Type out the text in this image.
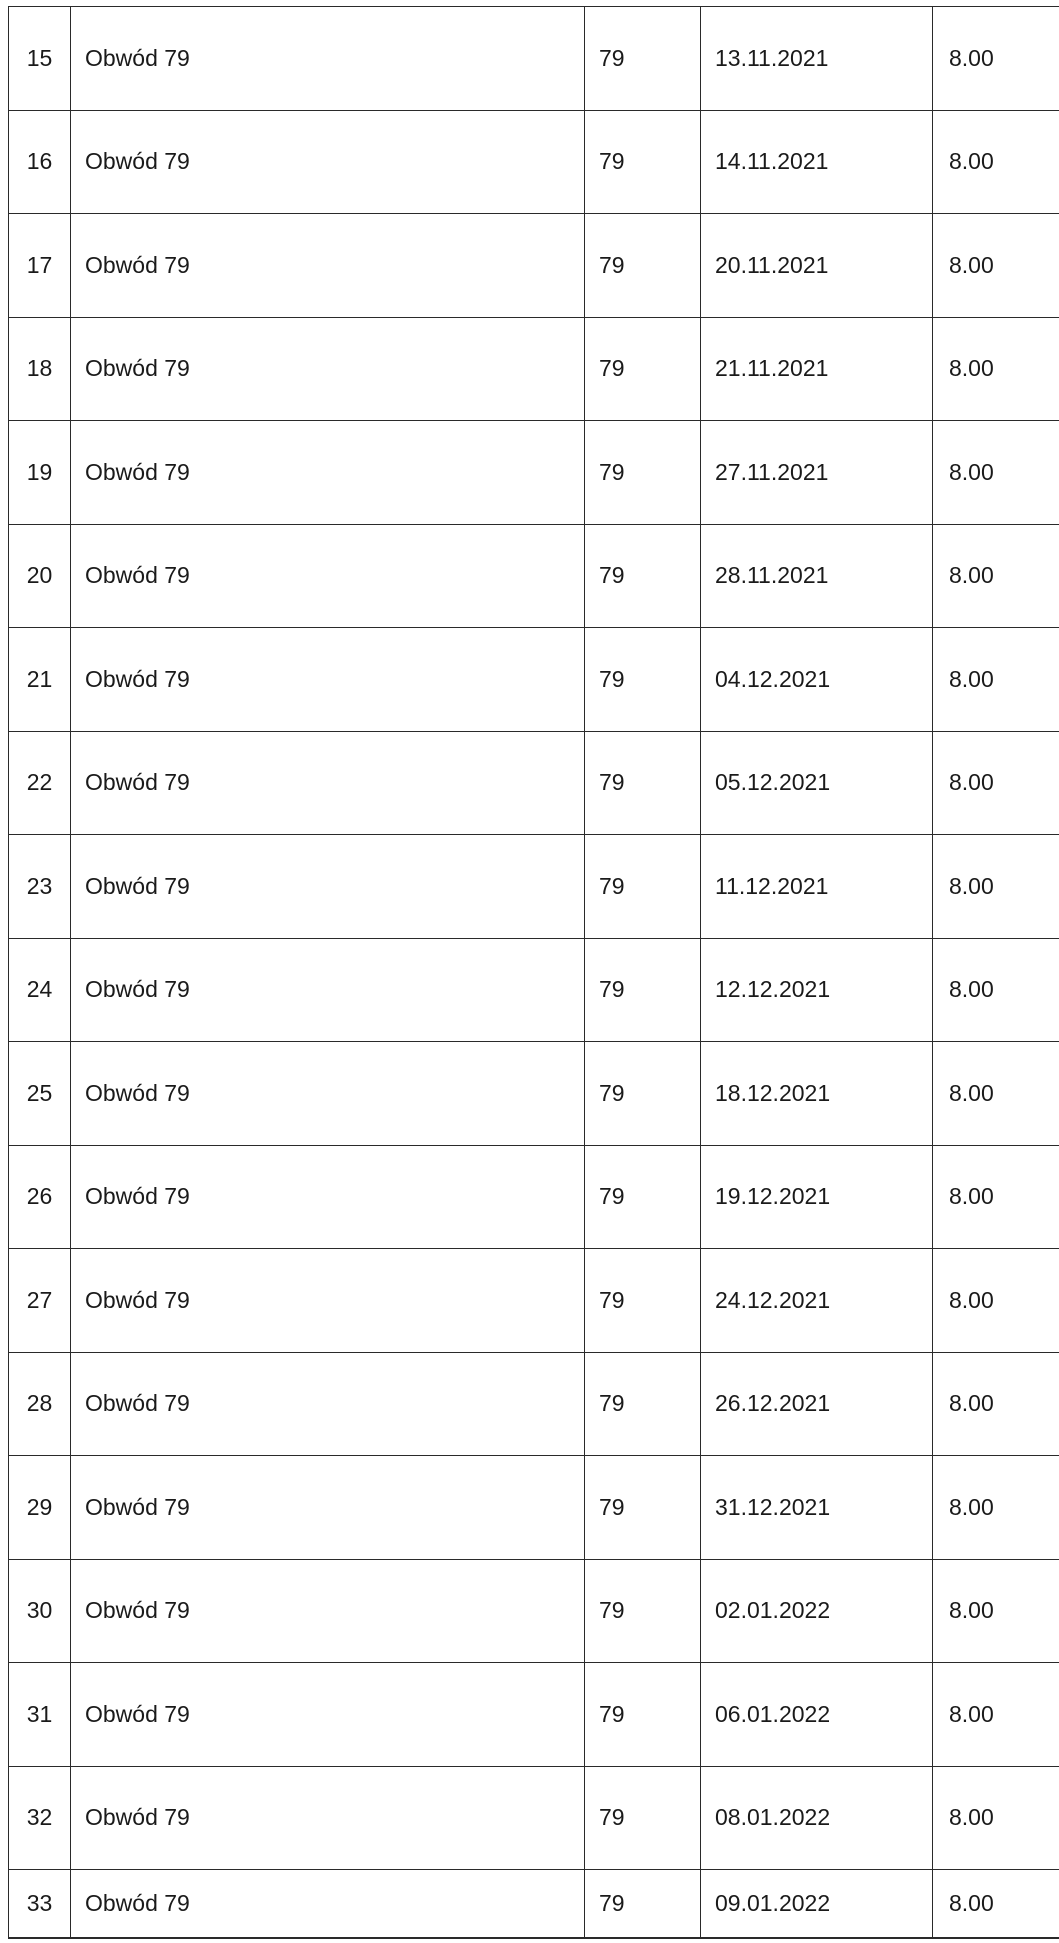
15	Obwód 79	79	13.11.2021	8.00
16	Obwód 79	79	14.11.2021	8.00
17	Obwód 79	79	20.11.2021	8.00
18	Obwód 79	79	21.11.2021	8.00
19	Obwód 79	79	27.11.2021	8.00
20	Obwód 79	79	28.11.2021	8.00
21	Obwód 79	79	04.12.2021	8.00
22	Obwód 79	79	05.12.2021	8.00
23	Obwód 79	79	11.12.2021	8.00
24	Obwód 79	79	12.12.2021	8.00
25	Obwód 79	79	18.12.2021	8.00
26	Obwód 79	79	19.12.2021	8.00
27	Obwód 79	79	24.12.2021	8.00
28	Obwód 79	79	26.12.2021	8.00
29	Obwód 79	79	31.12.2021	8.00
30	Obwód 79	79	02.01.2022	8.00
31	Obwód 79	79	06.01.2022	8.00
32	Obwód 79	79	08.01.2022	8.00
33	Obwód 79	79	09.01.2022	8.00
